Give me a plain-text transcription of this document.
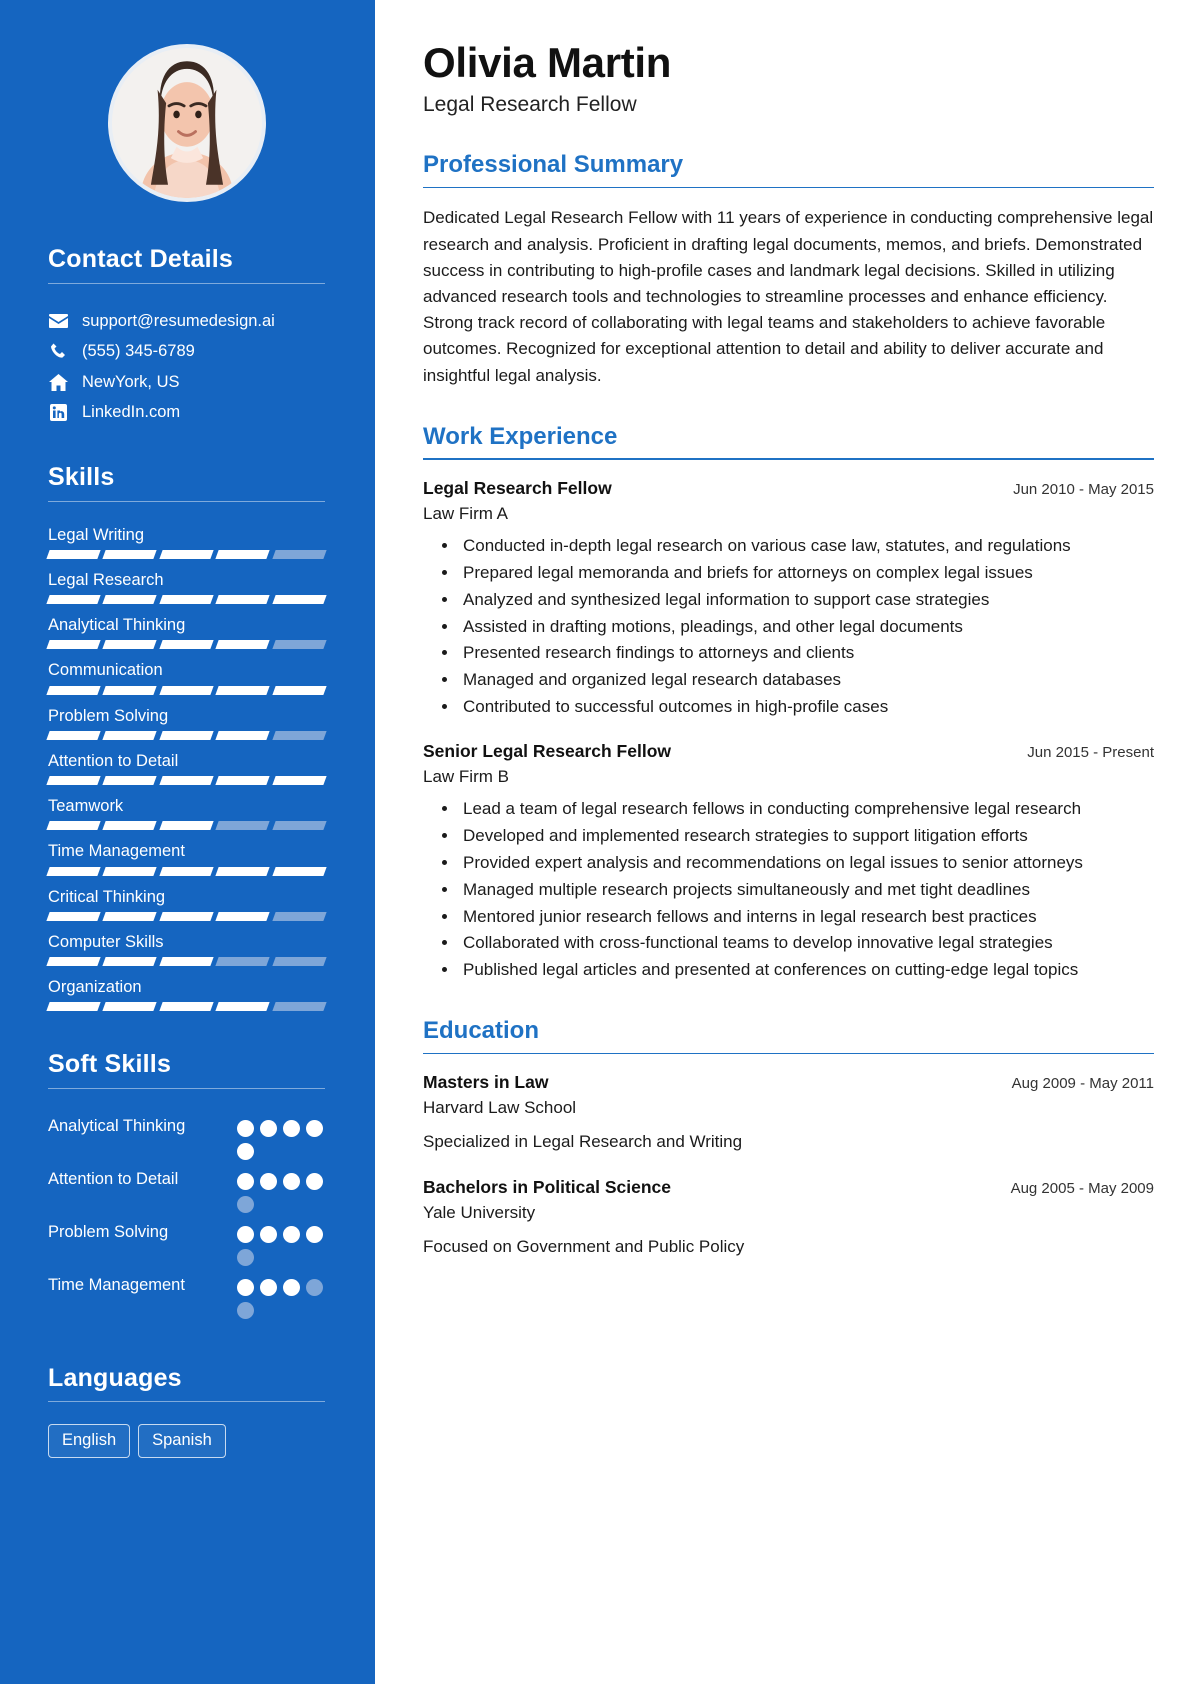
Contact Details
support@resumedesign.ai
(555) 345-6789
NewYork, US
LinkedIn.com
Skills
Legal Writing
Legal Research
Analytical Thinking
Communication
Problem Solving
Attention to Detail
Teamwork
Time Management
Critical Thinking
Computer Skills
Organization
Soft Skills
Analytical Thinking
Attention to Detail
Problem Solving
Time Management
Languages
English	Spanish
Olivia Martin
Legal Research Fellow
Professional Summary

Dedicated Legal Research Fellow with 11 years of experience in conducting comprehensive legal research and analysis. Proficient in drafting legal documents, memos, and briefs. Demonstrated success in contributing to high-profile cases and landmark legal decisions. Skilled in utilizing advanced research tools and technologies to streamline processes and enhance efficiency. Strong track record of collaborating with legal teams and stakeholders to achieve favorable outcomes. Recognized for exceptional attention to detail and ability to deliver accurate and insightful legal analysis.

Work Experience
Legal Research Fellow	Jun 2010 - May 2015
Law Firm A
• Conducted in-depth legal research on various case law, statutes, and regulations
• Prepared legal memoranda and briefs for attorneys on complex legal issues
• Analyzed and synthesized legal information to support case strategies
• Assisted in drafting motions, pleadings, and other legal documents
• Presented research findings to attorneys and clients
• Managed and organized legal research databases
• Contributed to successful outcomes in high-profile cases
Senior Legal Research Fellow	Jun 2015 - Present
Law Firm B
• Lead a team of legal research fellows in conducting comprehensive legal research
• Developed and implemented research strategies to support litigation efforts
• Provided expert analysis and recommendations on legal issues to senior attorneys
• Managed multiple research projects simultaneously and met tight deadlines
• Mentored junior research fellows and interns in legal research best practices
• Collaborated with cross-functional teams to develop innovative legal strategies
• Published legal articles and presented at conferences on cutting-edge legal topics
Education
Masters in Law	Aug 2009 - May 2011
Harvard Law School
Specialized in Legal Research and Writing
Bachelors in Political Science	Aug 2005 - May 2009
Yale University
Focused on Government and Public Policy
